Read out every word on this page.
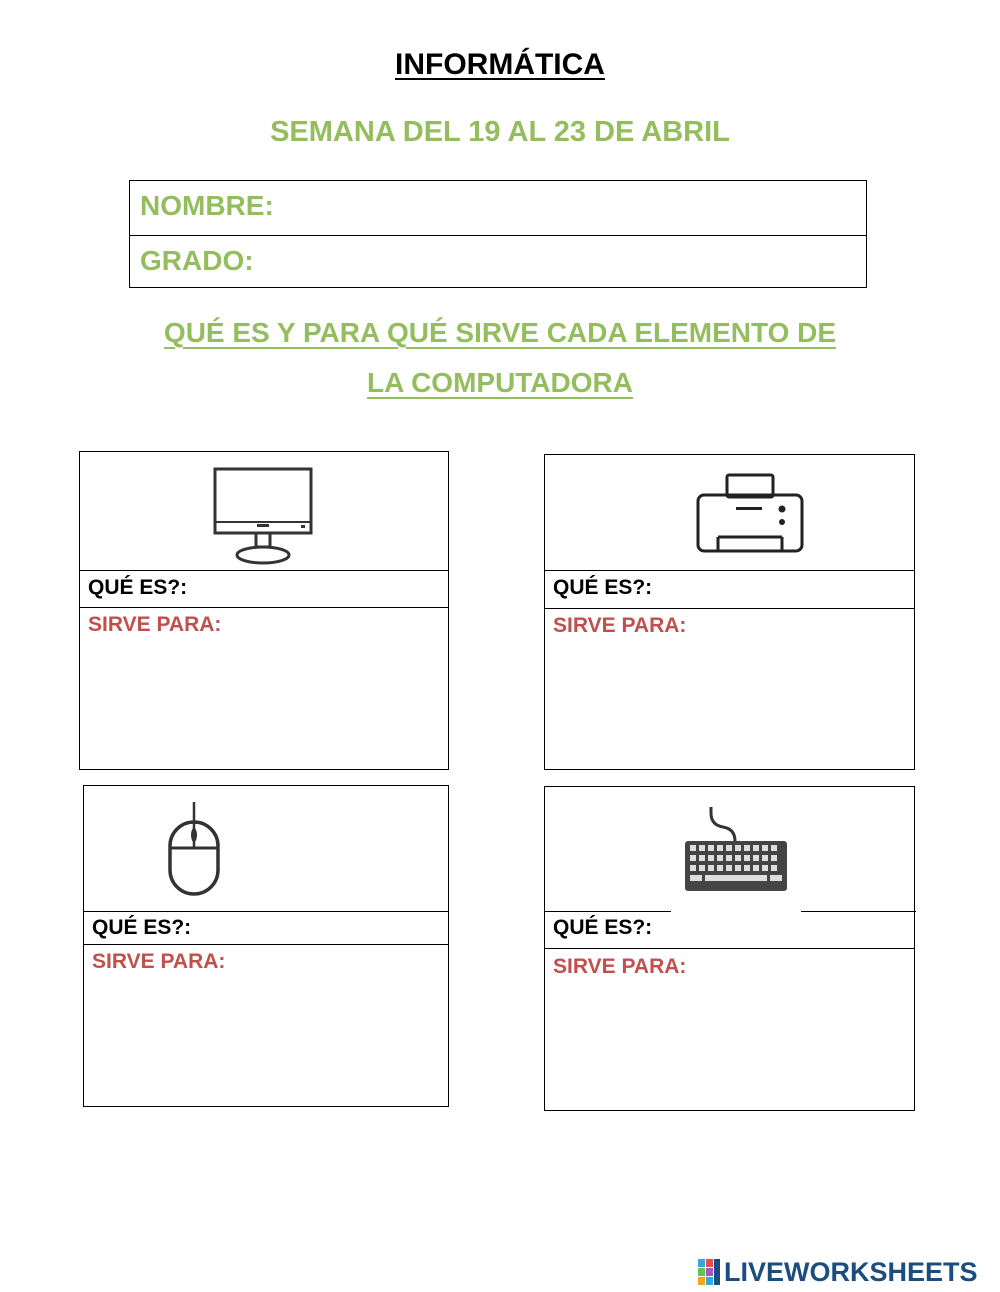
INFORMÁTICA
SEMANA DEL 19 AL 23 DE ABRIL
NOMBRE:
GRADO:
QUÉ ES Y PARA QUÉ SIRVE CADA ELEMENTO DE
LA COMPUTADORA
QUÉ ES?:
SIRVE PARA:
QUÉ ES?:
SIRVE PARA:
QUÉ ES?:
SIRVE PARA:
QUÉ ES?:
SIRVE PARA:
LIVEWORKSHEETS
